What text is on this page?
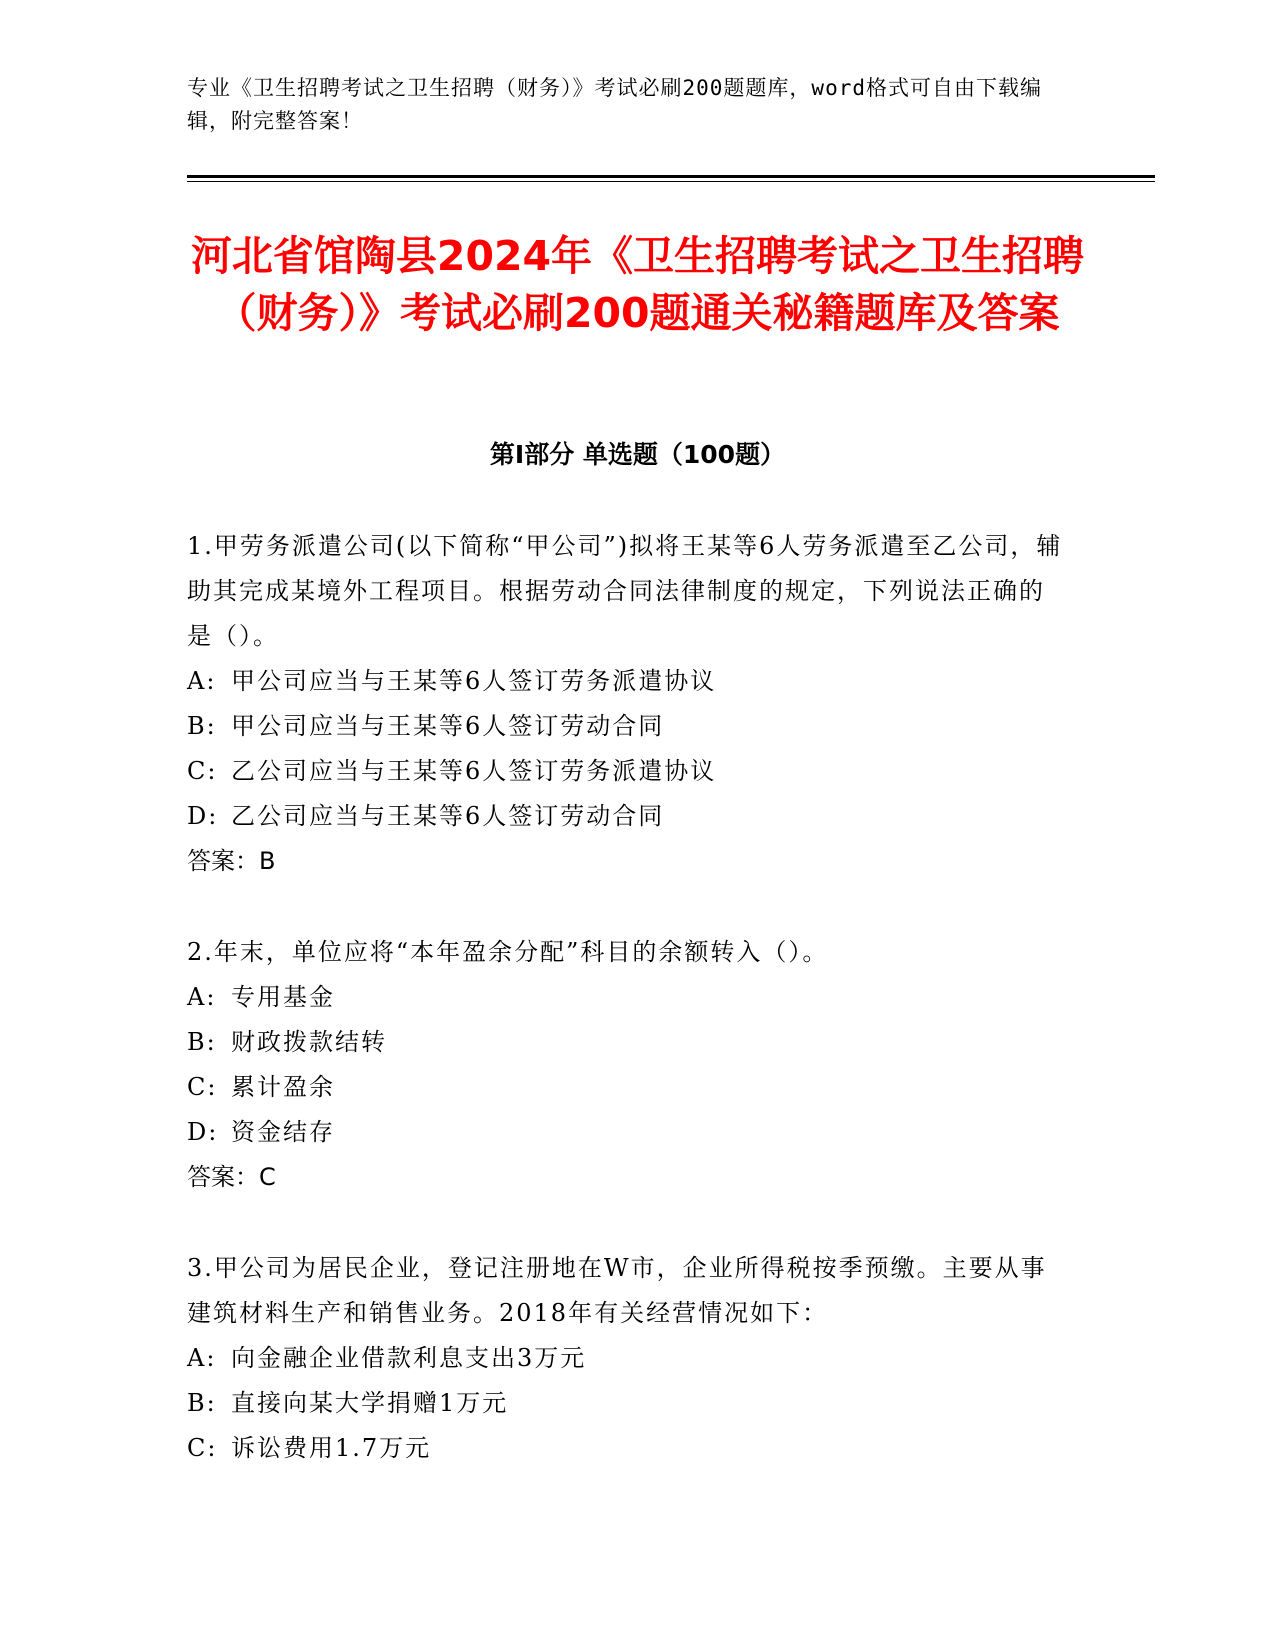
专业《卫生招聘考试之卫生招聘（财务）》考试必刷200题题库，word格式可自由下载编辑，附完整答案！
河北省馆陶县2024年《卫生招聘考试之卫生招聘（财务）》考试必刷200题通关秘籍题库及答案
第Ⅰ部分 单选题（100题）

1.甲劳务派遣公司(以下简称“甲公司”)拟将王某等6人劳务派遣至乙公司，辅助其完成某境外工程项目。根据劳动合同法律制度的规定，下列说法正确的是（）。

A: 甲公司应当与王某等6人签订劳务派遣协议

B: 甲公司应当与王某等6人签订劳动合同

C: 乙公司应当与王某等6人签订劳务派遣协议

D: 乙公司应当与王某等6人签订劳动合同

答案：B

2.年末，单位应将“本年盈余分配”科目的余额转入（）。

A: 专用基金

B: 财政拨款结转

C: 累计盈余

D: 资金结存

答案：C

3.甲公司为居民企业，登记注册地在W市，企业所得税按季预缴。主要从事建筑材料生产和销售业务。2018年有关经营情况如下：

A: 向金融企业借款利息支出3万元

B: 直接向某大学捐赠1万元

C: 诉讼费用1.7万元
